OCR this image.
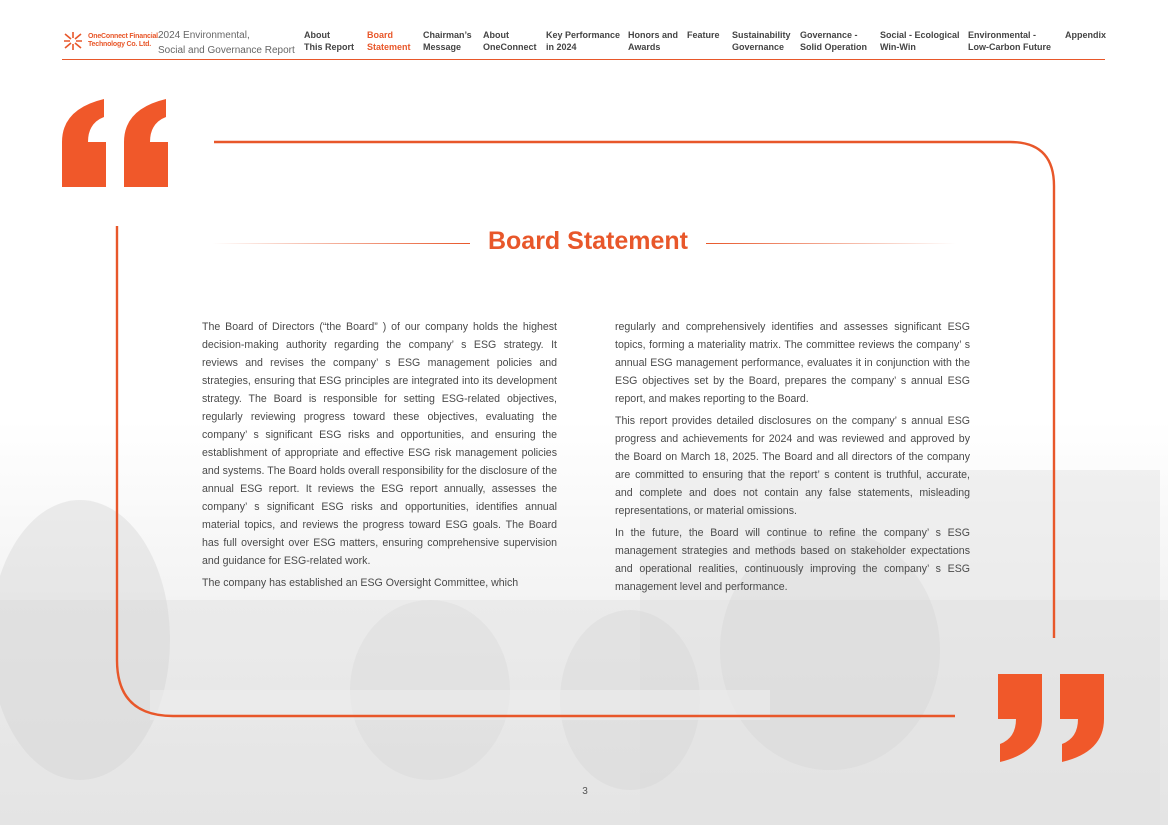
OneConnect Financial
Technology Co. Ltd.
2024 Environmental,
Social and Governance Report
About
This Report
Board
Statement
Chairman’s
Message
About
OneConnect
Key Performance
in 2024
Honors and
Awards
Feature Sustainability
Governance
Governance -
Solid Operation
Social - Ecological
Win-Win
Environmental -
Low-Carbon Future
Appendix
Board Statement

The Board of Directors (“the Board” ) of our company holds the highest decision-making authority regarding the company’ s ESG strategy. It reviews and revises the company’ s ESG management policies and strategies, ensuring that ESG principles are integrated into its development strategy. The Board is responsible for setting ESG-related objectives, regularly reviewing progress toward these objectives, evaluating the company’ s significant ESG risks and opportunities, and ensuring the establishment of appropriate and effective ESG risk management policies and systems. The Board holds overall responsibility for the disclosure of the annual ESG report. It reviews the ESG report annually, assesses the company’ s significant ESG risks and opportunities, identifies annual material topics, and reviews the progress toward ESG goals. The Board has full oversight over ESG matters, ensuring comprehensive supervision and guidance for ESG-related work.

The company has established an ESG Oversight Committee, which

regularly and comprehensively identifies and assesses significant ESG topics, forming a materiality matrix. The committee reviews the company’ s annual ESG management performance, evaluates it in conjunction with the ESG objectives set by the Board, prepares the company’ s annual ESG report, and makes reporting to the Board.

This report provides detailed disclosures on the company’ s annual ESG progress and achievements for 2024 and was reviewed and approved by the Board on March 18, 2025. The Board and all directors of the company are committed to ensuring that the report’ s content is truthful, accurate, and complete and does not contain any false statements, misleading representations, or material omissions.

In the future, the Board will continue to refine the company’ s ESG management strategies and methods based on stakeholder expectations and operational realities, continuously improving the company’ s ESG management level and performance.

3
